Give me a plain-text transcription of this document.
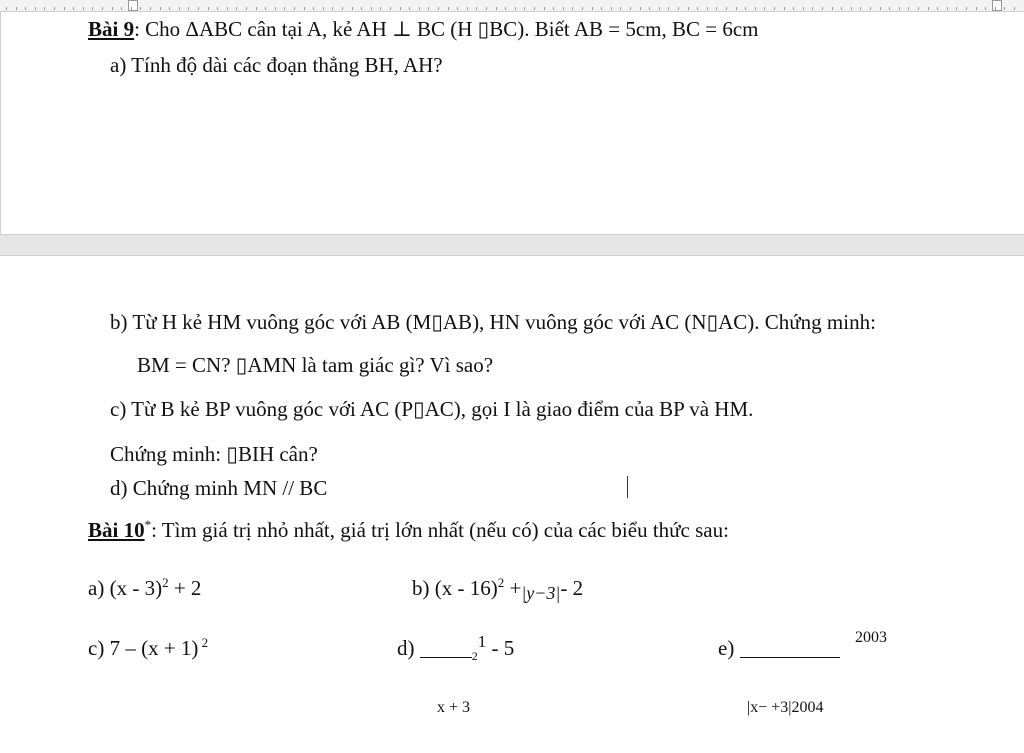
Bài 9: Cho ΔABC cân tại A, kẻ AH ⊥ BC (H ▯BC). Biết AB = 5cm, BC = 6cm
a) Tính độ dài các đoạn thẳng BH, AH?
b) Từ H kẻ HM vuông góc với AB (M▯AB), HN vuông góc với AC (N▯AC). Chứng minh:
BM = CN? ▯AMN là tam giác gì? Vì sao?
c) Từ B kẻ BP vuông góc với AC (P▯AC), gọi I là giao điểm của BP và HM.
Chứng minh: ▯BIH cân?
d) Chứng minh MN // BC
Bài 10*: Tìm giá trị nhỏ nhất, giá trị lớn nhất (nếu có) của các biểu thức sau:
a) (x - 3)$^2$ + 2	b) (x - 16)$^2$ +|y−3|- 2
c) 7 – (x + 1) $^2$	d)	$_2^1$ - 5
x + 3
e)	2003
|x− +3|2004
